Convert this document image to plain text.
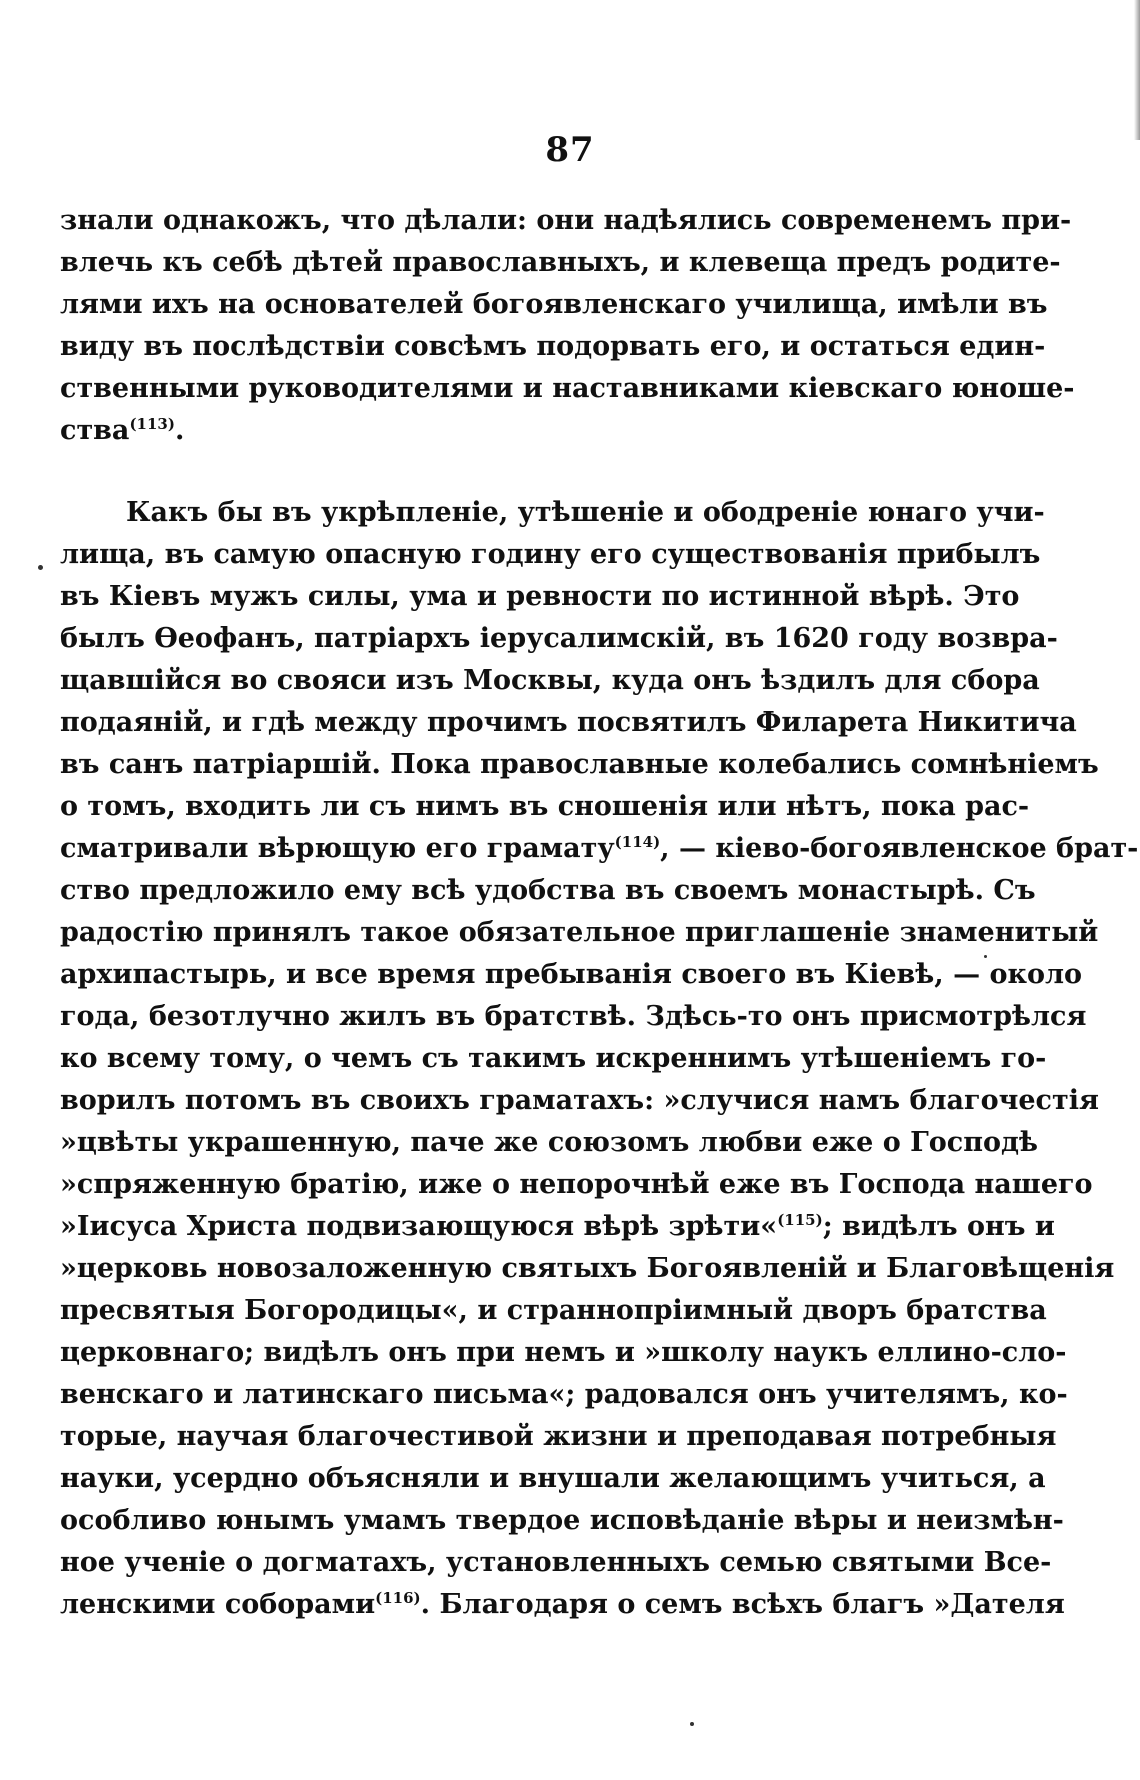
87
знали однакожъ, что дѣлали: они надѣялись современемъ при-
влечь къ себѣ дѣтей православныхъ, и клевеща предъ родите-
лями ихъ на основателей богоявленскаго училища, имѣли въ
виду въ послѣдствіи совсѣмъ подорвать его, и остаться един-
ственными руководителями и наставниками кіевскаго юноше-
ства$^{(113)}$.
Какъ бы въ укрѣпленіе, утѣшеніе и ободреніе юнаго учи-
лища, въ самую опасную годину его существованія прибылъ
въ Кіевъ мужъ силы, ума и ревности по истинной вѣрѣ. Это
былъ Ѳеофанъ, патріархъ іерусалимскій, въ 1620 году возвра-
щавшійся во свояси изъ Москвы, куда онъ ѣздилъ для сбора
подаяній, и гдѣ между прочимъ посвятилъ Филарета Никитича
въ санъ патріаршій. Пока православные колебались сомнѣніемъ
о томъ, входить ли съ нимъ въ сношенія или нѣтъ, пока рас-
сматривали вѣрющую его грамату$^{(114)}$, — кіево-богоявленское брат-
ство предложило ему всѣ удобства въ своемъ монастырѣ. Съ
радостію принялъ такое обязательное приглашеніе знаменитый
архипастырь, и все время пребыванія своего въ Кіевѣ, — около
года, безотлучно жилъ въ братствѣ. Здѣсь-то онъ присмотрѣлся
ко всему тому, о чемъ съ такимъ искреннимъ утѣшеніемъ го-
ворилъ потомъ въ своихъ граматахъ: »случися намъ благочестія
»цвѣты украшенную, паче же союзомъ любви еже о Господѣ
»спряженную братію, иже о непорочнѣй еже въ Господа нашего
»Іисуса Христа подвизающуюся вѣрѣ зрѣти«$^{(115)}$; видѣлъ онъ и
»церковь новозаложенную святыхъ Богоявленій и Благовѣщенія
пресвятыя Богородицы«, и страннопріимный дворъ братства
церковнаго; видѣлъ онъ при немъ и »школу наукъ еллино-сло-
венскаго и латинскаго письма«; радовался онъ учителямъ, ко-
торые, научая благочестивой жизни и преподавая потребныя
науки, усердно объясняли и внушали желающимъ учиться, а
особливо юнымъ умамъ твердое исповѣданіе вѣры и неизмѣн-
ное ученіе о догматахъ, установленныхъ семью святыми Все-
ленскими соборами$^{(116)}$. Благодаря о семъ всѣхъ благъ »Дателя
